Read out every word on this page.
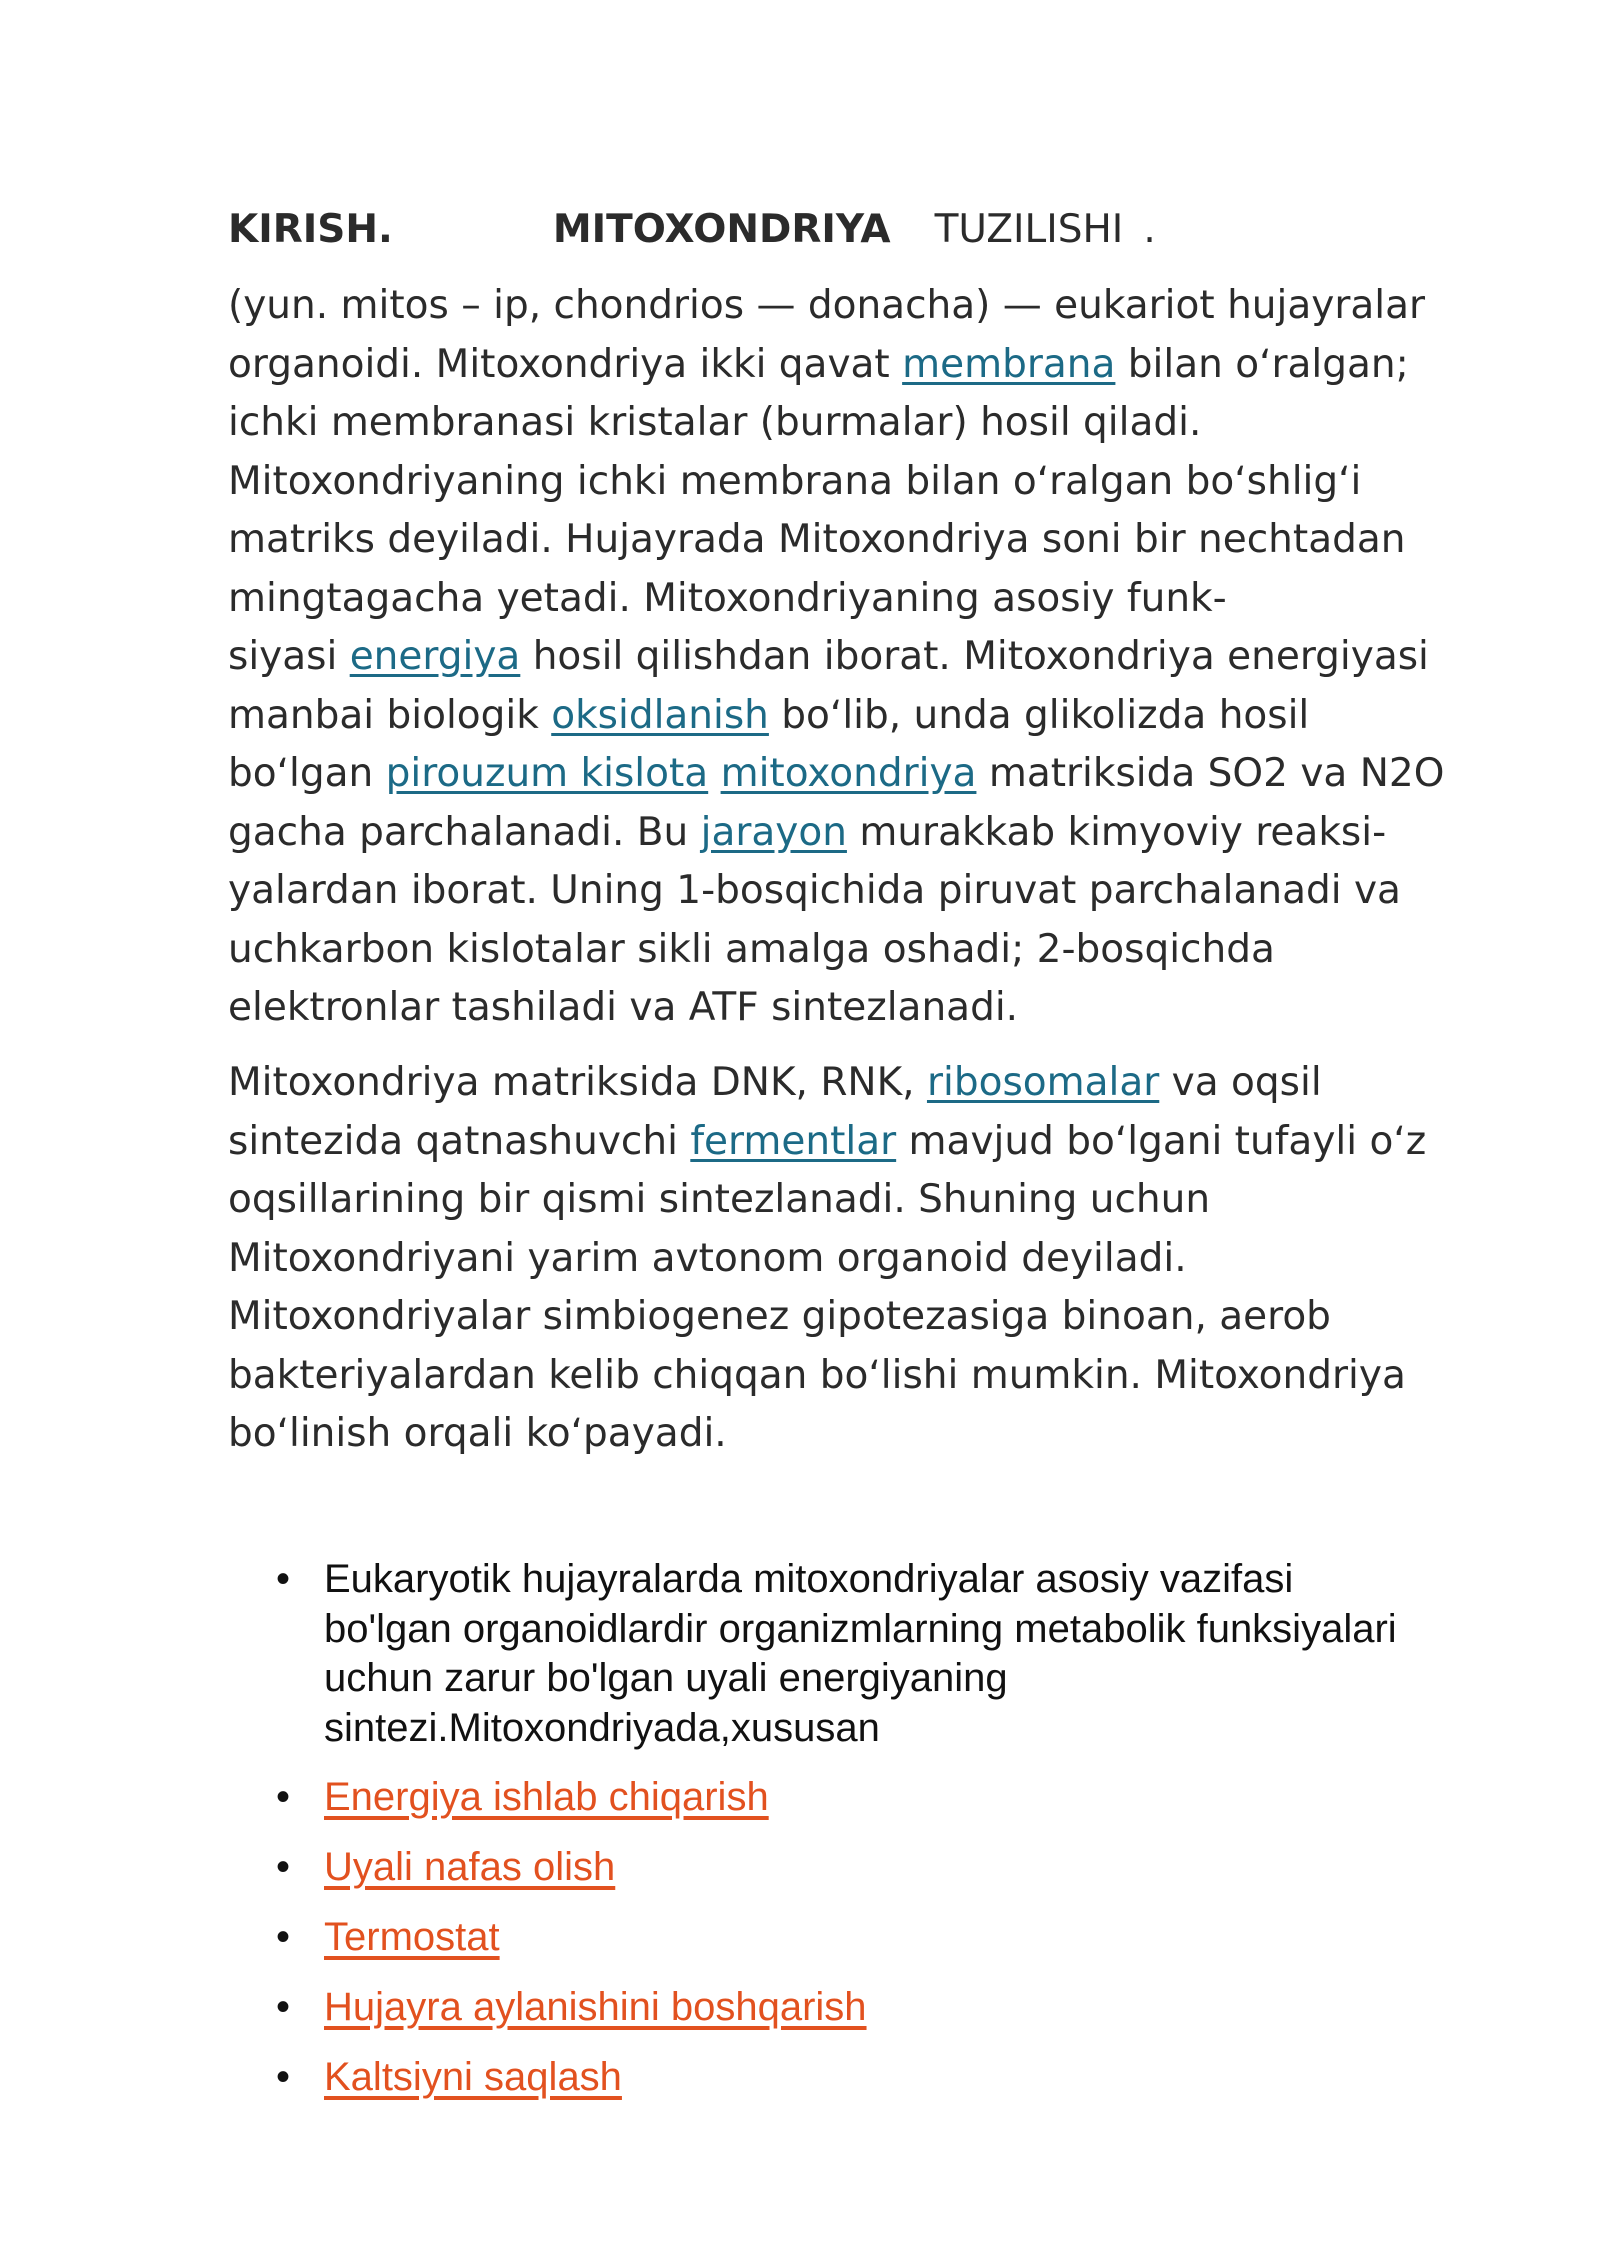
KIRISH.	MITOXONDRIYA TUZILISHI .
(yun. mitos – ip, chondrios — donacha) — eukariot hujayralar
organoidi. Mitoxondriya ikki qavat membrana bilan oʻralgan;
ichki membranasi kristalar (burmalar) hosil qiladi.
Mitoxondriyaning ichki membrana bilan oʻralgan boʻshligʻi
matriks deyiladi. Hujayrada Mitoxondriya soni bir nechtadan
mingtagacha yetadi. Mitoxondriyaning asosiy funk-
siyasi energiya hosil qilishdan iborat. Mitoxondriya energiyasi
manbai biologik oksidlanish boʻlib, unda glikolizda hosil
boʻlgan pirouzum kislota mitoxondriya matriksida SO2 va N2O
gacha parchalanadi. Bu jarayon murakkab kimyoviy reaksi-
yalardan iborat. Uning 1-bosqichida piruvat parchalanadi va
uchkarbon kislotalar sikli amalga oshadi; 2-bosqichda
elektronlar tashiladi va ATF sintezlanadi.
Mitoxondriya matriksida DNK, RNK, ribosomalar va oqsil
sintezida qatnashuvchi fermentlar mavjud boʻlgani tufayli oʻz
oqsillarining bir qismi sintezlanadi. Shuning uchun
Mitoxondriyani yarim avtonom organoid deyiladi.
Mitoxondriyalar simbiogenez gipotezasiga binoan, aerob
bakteriyalardan kelib chiqqan boʻlishi mumkin. Mitoxondriya
boʻlinish orqali koʻpayadi.
• Eukaryotik hujayralarda mitoxondriyalar asosiy vazifasi
bo'lgan organoidlardir organizmlarning metabolik funksiyalari
uchun zarur bo'lgan uyali energiyaning
sintezi.Mitoxondriyada,xususan
• Energiya ishlab chiqarish
• Uyali nafas olish
• Termostat
• Hujayra aylanishini boshqarish
• Kaltsiyni saqlash
